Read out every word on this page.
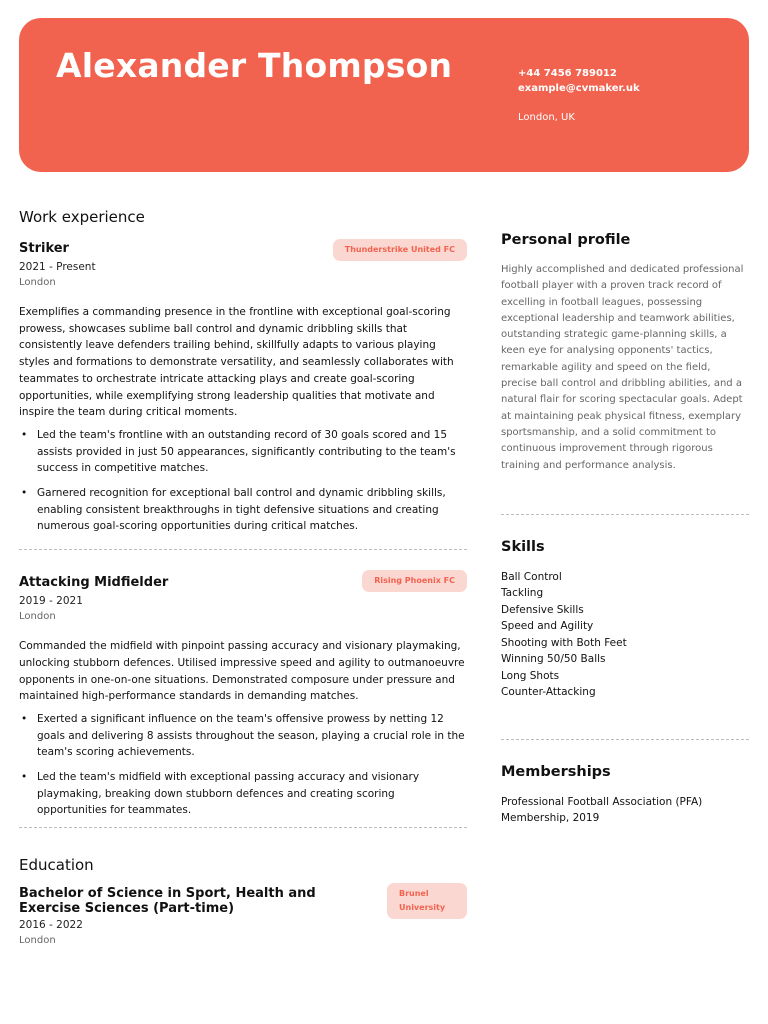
Alexander Thompson	+44 7456 789012
example@cvmaker.uk
London, UK
Work experience
Striker	Thunderstrike United FC
2021 - Present
London
Exemplifies a commanding presence in the frontline with exceptional goal-scoring prowess, showcases sublime ball control and dynamic dribbling skills that consistently leave defenders trailing behind, skillfully adapts to various playing styles and formations to demonstrate versatility, and seamlessly collaborates with teammates to orchestrate intricate attacking plays and create goal-scoring opportunities, while exemplifying strong leadership qualities that motivate and inspire the team during critical moments.
• Led the team's frontline with an outstanding record of 30 goals scored and 15 assists provided in just 50 appearances, significantly contributing to the team's success in competitive matches.
• Garnered recognition for exceptional ball control and dynamic dribbling skills, enabling consistent breakthroughs in tight defensive situations and creating numerous goal-scoring opportunities during critical matches.
Attacking Midfielder	Rising Phoenix FC
2019 - 2021
London
Commanded the midfield with pinpoint passing accuracy and visionary playmaking, unlocking stubborn defences. Utilised impressive speed and agility to outmanoeuvre opponents in one-on-one situations. Demonstrated composure under pressure and maintained high-performance standards in demanding matches.
• Exerted a significant influence on the team's offensive prowess by netting 12 goals and delivering 8 assists throughout the season, playing a crucial role in the team's scoring achievements.
• Led the team's midfield with exceptional passing accuracy and visionary playmaking, breaking down stubborn defences and creating scoring opportunities for teammates.
Education
Bachelor of Science in Sport, Health and Exercise Sciences (Part-time)
Brunel
University
2016 - 2022
London
Personal profile
Highly accomplished and dedicated professional football player with a proven track record of excelling in football leagues, possessing exceptional leadership and teamwork abilities, outstanding strategic game-planning skills, a keen eye for analysing opponents' tactics, remarkable agility and speed on the field, precise ball control and dribbling abilities, and a natural flair for scoring spectacular goals. Adept at maintaining peak physical fitness, exemplary sportsmanship, and a solid commitment to continuous improvement through rigorous training and performance analysis.
Skills
Ball Control
Tackling
Defensive Skills
Speed and Agility
Shooting with Both Feet
Winning 50/50 Balls
Long Shots
Counter-Attacking
Memberships
Professional Football Association (PFA)
Membership, 2019
